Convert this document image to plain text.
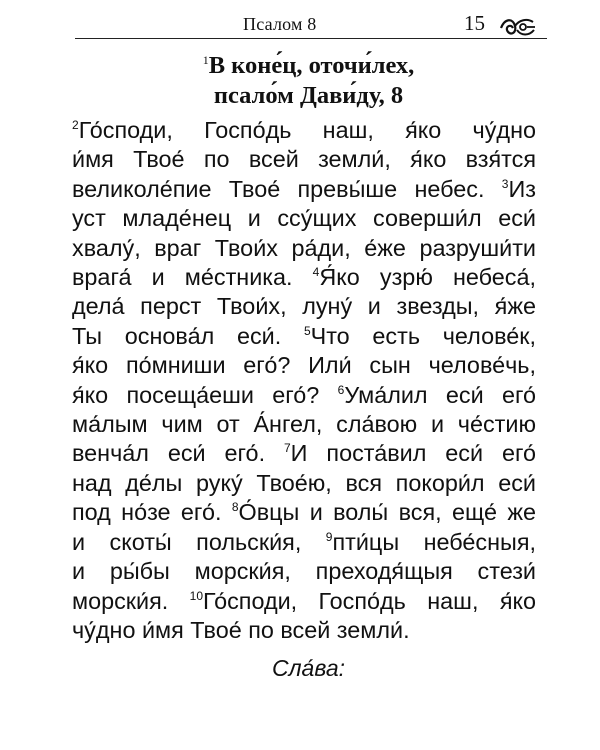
Псалом 8	15
$^1$В коне́ц, оточи́лех,
псало́м Дави́ду, 8
$^2$Го́споди, Госпо́дь наш, я́ко чу́дно
и́мя Твое́ по всей земли́, я́ко взя́тся
великоле́пие Твое́ превы́ше небес. $^3$Из
уст младе́нец и ссу́щих соверши́л еси́
хвалу́, враг Твои́х ра́ди, е́же разруши́ти
врага́ и ме́стника. $^4$Я́ко узрю́ небеса́,
дела́ перст Твои́х, луну́ и звезды, я́же
Ты основа́л еси́. $^5$Что есть челове́к,
я́ко по́мниши его́? Или́ сын челове́чь,
я́ко посеща́еши его́? $^6$Ума́лил еси́ его́
ма́лым чим от А́нгел, сла́вою и че́стию
венча́л еси́ его́. $^7$И поста́вил еси́ его́
над де́лы руку́ Твое́ю, вся покори́л еси́
под но́зе его́. $^8$О́вцы и волы́ вся, еще́ же
и скоты́ польски́я, $^9$пти́цы небе́сныя,
и ры́бы морски́я, преходя́щыя стези́
морски́я. $^{10}$Го́споди, Госпо́дь наш, я́ко
чу́дно и́мя Твое́ по всей земли́.
Сла́ва:
